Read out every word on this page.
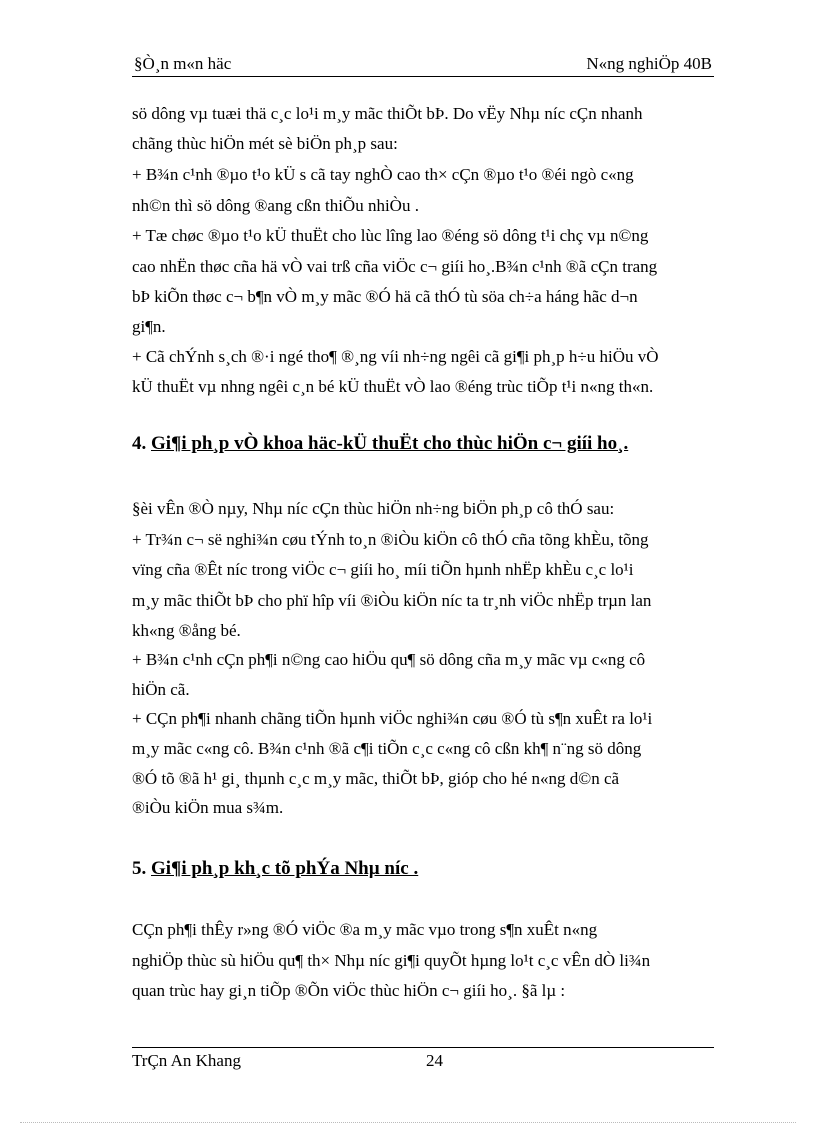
§Ò¸n m«n häc	N«ng nghiÖp 40B
sö dông vµ tuæi thä c¸c lo¹i m¸y mãc thiÕt bÞ. Do vËy Nhµ níc cÇn nhanh
chãng thùc hiÖn mét sè biÖn ph¸p sau:
+ B¾n c¹nh ®µo t¹o kÜ s cã tay nghÒ cao th× cÇn ®µo t¹o ®éi ngò c«ng
nh©n thì sö dông ®ang cßn thiÕu nhiÒu .
+ Tæ chøc ®µo t¹o kÜ thuËt cho lùc lîng lao ®éng sö dông t¹i chç vµ n©ng
cao nhËn thøc cña hä vÒ vai trß cña viÖc c¬ giíi ho¸.B¾n c¹nh ®ã cÇn trang
bÞ kiÕn thøc c¬ b¶n vÒ m¸y mãc ®Ó hä cã thÓ tù söa ch÷a háng hãc d¬n
gi¶n.
+ Cã chÝnh s¸ch ®·i ngé tho¶ ®¸ng víi nh÷ng ngêi cã gi¶i ph¸p h÷u hiÖu vÒ
kÜ thuËt vµ nhng ngêi c¸n bé kÜ thuËt vÒ lao ®éng trùc tiÕp t¹i n«ng th«n.
4. Gi¶i ph¸p vÒ khoa häc-kÜ thuËt cho thùc hiÖn c¬ giíi ho¸.
§èi vÊn ®Ò nµy, Nhµ níc cÇn thùc hiÖn nh÷ng biÖn ph¸p cô thÓ sau:
+ Tr¾n c¬ së nghi¾n cøu tÝnh to¸n ®iÒu kiÖn cô thÓ cña tõng khÈu, tõng
vïng cña ®Êt níc trong viÖc c¬ giíi ho¸ míi tiÕn hµnh nhËp khÈu c¸c lo¹i
m¸y mãc thiÕt bÞ cho phï hîp víi ®iÒu kiÖn níc ta tr¸nh viÖc nhËp trµn lan
kh«ng ®ång bé.
+ B¾n c¹nh cÇn ph¶i n©ng cao hiÖu qu¶ sö dông cña m¸y mãc vµ c«ng cô
hiÖn cã.
+ CÇn ph¶i nhanh chãng tiÕn hµnh viÖc nghi¾n cøu ®Ó tù s¶n xuÊt ra lo¹i
m¸y mãc c«ng cô. B¾n c¹nh ®ã c¶i tiÕn c¸c c«ng cô cßn kh¶ n¨ng sö dông
®Ó tõ ®ã h¹ gi¸ thµnh c¸c m¸y mãc, thiÕt bÞ, gióp cho hé n«ng d©n cã
®iÒu kiÖn mua s¾m.
5. Gi¶i ph¸p kh¸c tõ phÝa Nhµ níc .
CÇn ph¶i thÊy r»ng ®Ó viÖc ®a m¸y mãc vµo trong s¶n xuÊt n«ng
nghiÖp thùc sù hiÖu qu¶ th× Nhµ níc gi¶i quyÕt hµng lo¹t c¸c vÊn dÒ li¾n
quan trùc hay gi¸n tiÕp ®Õn viÖc thùc hiÖn c¬ giíi ho¸. §ã lµ :
TrÇn An Khang	24
